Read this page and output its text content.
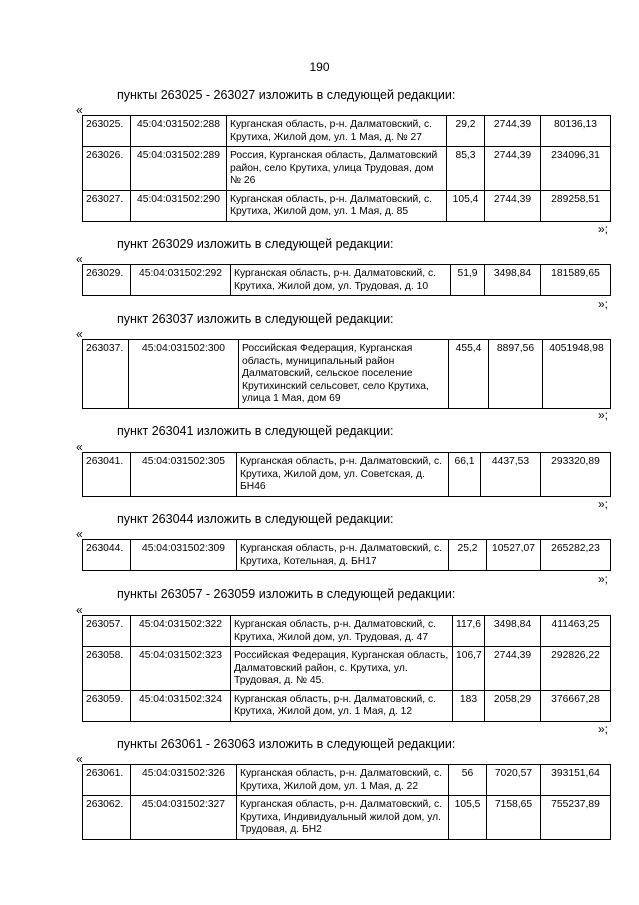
190
пункты 263025 - 263027 изложить в следующей редакции:
«
263025.	45:04:031502:288	Курганская область, р-н. Далматовский, с. Крутиха, Жилой дом, ул. 1 Мая, д. № 27	29,2	2744,39	80136,13
263026.	45:04:031502:289	Россия, Курганская область, Далматовский район, село Крутиха, улица Трудовая, дом № 26	85,3	2744,39	234096,31
263027.	45:04:031502:290	Курганская область, р-н. Далматовский, с. Крутиха, Жилой дом, ул. 1 Мая, д. 85	105,4	2744,39	289258,51
»;
пункт 263029 изложить в следующей редакции:
«
263029.	45:04:031502:292	Курганская область, р-н. Далматовский, с. Крутиха, Жилой дом, ул. Трудовая, д. 10	51,9	3498,84	181589,65
»;
пункт 263037 изложить в следующей редакции:
«
263037.	45:04:031502:300	Российская Федерация, Курганская область, муниципальный район Далматовский, сельское поселение Крутихинский сельсовет, село Крутиха, улица 1 Мая, дом 69	455,4	8897,56	4051948,98
»;
пункт 263041 изложить в следующей редакции:
«
263041.	45:04:031502:305	Курганская область, р-н. Далматовский, с. Крутиха, Жилой дом, ул. Советская, д. БН46	66,1	4437,53	293320,89
»;
пункт 263044 изложить в следующей редакции:
«
263044.	45:04:031502:309	Курганская область, р-н. Далматовский, с. Крутиха, Котельная, д. БН17	25,2	10527,07	265282,23
»;
пункты 263057 - 263059 изложить в следующей редакции:
«
263057.	45:04:031502:322	Курганская область, р-н. Далматовский, с. Крутиха, Жилой дом, ул. Трудовая, д. 47	117,6	3498,84	411463,25
263058.	45:04:031502:323	Российская Федерация, Курганская область, Далматовский район, с. Крутиха, ул. Трудовая, д. № 45.	106,7	2744,39	292826,22
263059.	45:04:031502:324	Курганская область, р-н. Далматовский, с. Крутиха, Жилой дом, ул. 1 Мая, д. 12	183	2058,29	376667,28
»;
пункты 263061 - 263063 изложить в следующей редакции:
«
263061.	45:04:031502:326	Курганская область, р-н. Далматовский, с. Крутиха, Жилой дом, ул. 1 Мая, д. 22	56	7020,57	393151,64
263062.	45:04:031502:327	Курганская область, р-н. Далматовский, с. Крутиха, Индивидуальный жилой дом, ул. Трудовая, д. БН2	105,5	7158,65	755237,89
